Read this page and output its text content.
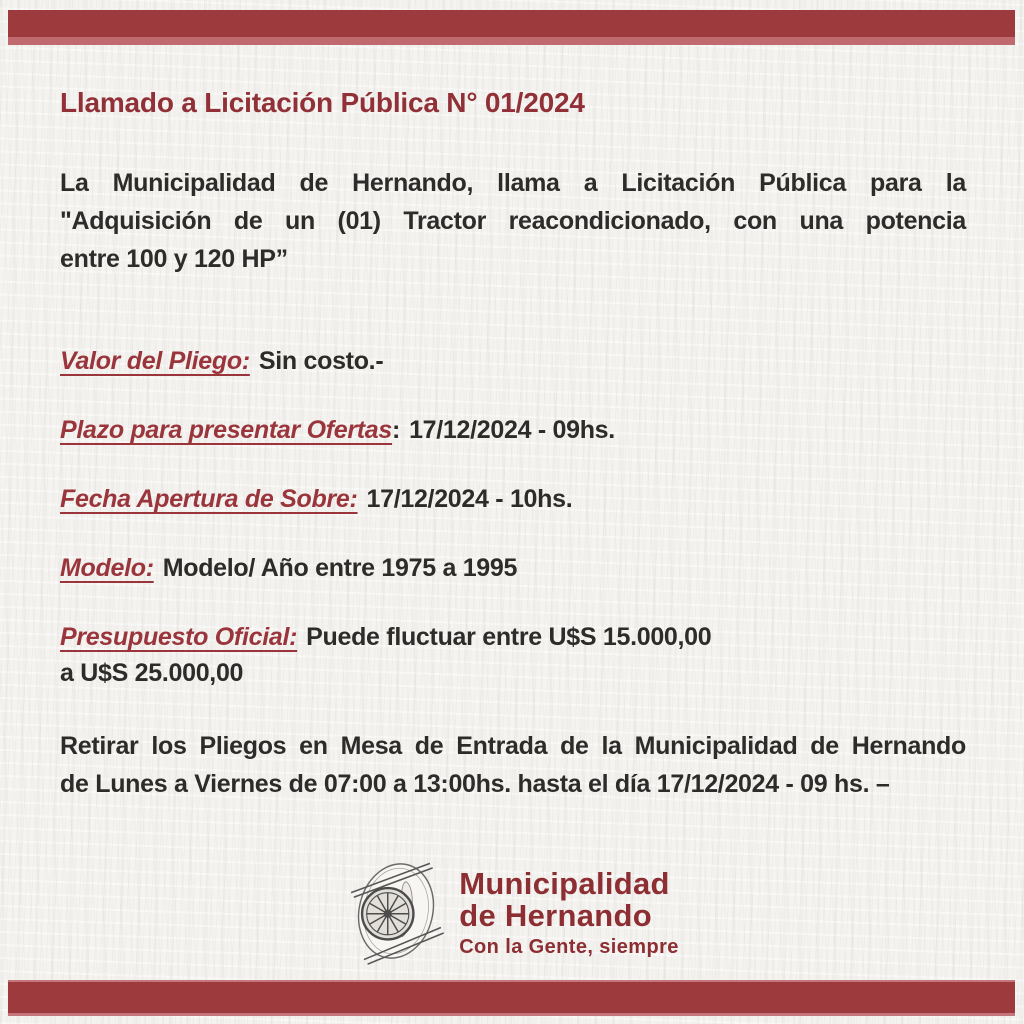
Llamado a Licitación Pública N° 01/2024
La Municipalidad de Hernando, llama a Licitación Pública para la
"Adquisición de un (01) Tractor reacondicionado, con una potencia
entre 100 y 120 HP”
Valor del Pliego: Sin costo.-
Plazo para presentar Ofertas: 17/12/2024 - 09hs.
Fecha Apertura de Sobre: 17/12/2024 - 10hs.
Modelo: Modelo/ Año entre 1975 a 1995
Presupuesto Oficial: Puede fluctuar entre U$S 15.000,00
a U$S 25.000,00
Retirar los Pliegos en Mesa de Entrada de la Municipalidad de Hernando
de Lunes a Viernes de 07:00 a 13:00hs. hasta el día 17/12/2024 - 09 hs. –
Municipalidad
de Hernando
Con la Gente, siempre
